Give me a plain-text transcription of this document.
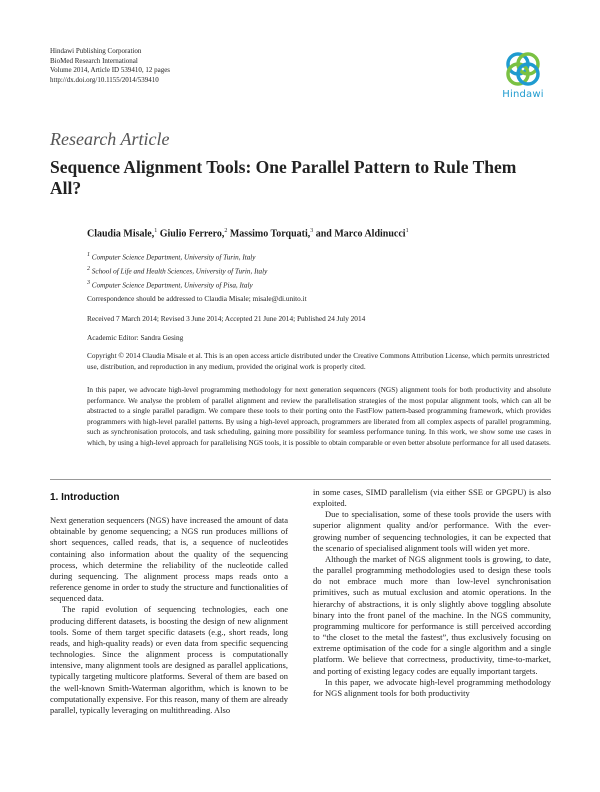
Hindawi Publishing Corporation
BioMed Research International
Volume 2014, Article ID 539410, 12 pages
http://dx.doi.org/10.1155/2014/539410
Hindawi
Research Article
Sequence Alignment Tools: One Parallel Pattern to Rule Them All?
Claudia Misale,$^1$ Giulio Ferrero,$^2$ Massimo Torquati,$^3$ and Marco Aldinucci$^1$
$^1$ Computer Science Department, University of Turin, Italy
$^2$ School of Life and Health Sciences, University of Turin, Italy
$^3$ Computer Science Department, University of Pisa, Italy
Correspondence should be addressed to Claudia Misale; misale@di.unito.it
Received 7 March 2014; Revised 3 June 2014; Accepted 21 June 2014; Published 24 July 2014
Academic Editor: Sandra Gesing
Copyright © 2014 Claudia Misale et al. This is an open access article distributed under the Creative Commons Attribution License, which permits unrestricted use, distribution, and reproduction in any medium, provided the original work is properly cited.
In this paper, we advocate high-level programming methodology for next generation sequencers (NGS) alignment tools for both productivity and absolute performance. We analyse the problem of parallel alignment and review the parallelisation strategies of the most popular alignment tools, which can all be abstracted to a single parallel paradigm. We compare these tools to their porting onto the FastFlow pattern-based programming framework, which provides programmers with high-level parallel patterns. By using a high-level approach, programmers are liberated from all complex aspects of parallel programming, such as synchronisation protocols, and task scheduling, gaining more possibility for seamless performance tuning. In this work, we show some use cases in which, by using a high-level approach for parallelising NGS tools, it is possible to obtain comparable or even better absolute performance for all used datasets.
1. Introduction

Next generation sequencers (NGS) have increased the amount of data obtainable by genome sequencing; a NGS run produces millions of short sequences, called reads, that is, a sequence of nucleotides containing also information about the quality of the sequencing process, which determine the reliability of the nucleotide called during sequencing. The alignment process maps reads onto a reference genome in order to study the structure and functionalities of sequenced data.

The rapid evolution of sequencing technologies, each one producing different datasets, is boosting the design of new alignment tools. Some of them target specific datasets (e.g., short reads, long reads, and high-quality reads) or even data from specific sequencing technologies. Since the alignment process is computationally intensive, many alignment tools are designed as parallel applications, typically targeting multicore platforms. Several of them are based on the well-known Smith-Waterman algorithm, which is known to be computationally expensive. For this reason, many of them are already parallel, typically leveraging on multithreading. Also

in some cases, SIMD parallelism (via either SSE or GPGPU) is also exploited.

Due to specialisation, some of these tools provide the users with superior alignment quality and/or performance. With the ever-growing number of sequencing technologies, it can be expected that the scenario of specialised alignment tools will widen yet more.

Although the market of NGS alignment tools is growing, to date, the parallel programming methodologies used to design these tools do not embrace much more than low-level synchronisation primitives, such as mutual exclusion and atomic operations. In the hierarchy of abstractions, it is only slightly above toggling absolute binary into the front panel of the machine. In the NGS community, programming multicore for performance is still perceived according to “the closet to the metal the fastest”, thus exclusively focusing on extreme optimisation of the code for a single algorithm and a single platform. We believe that correctness, productivity, time-to-market, and porting of existing legacy codes are equally important targets.

In this paper, we advocate high-level programming methodology for NGS alignment tools for both productivity
